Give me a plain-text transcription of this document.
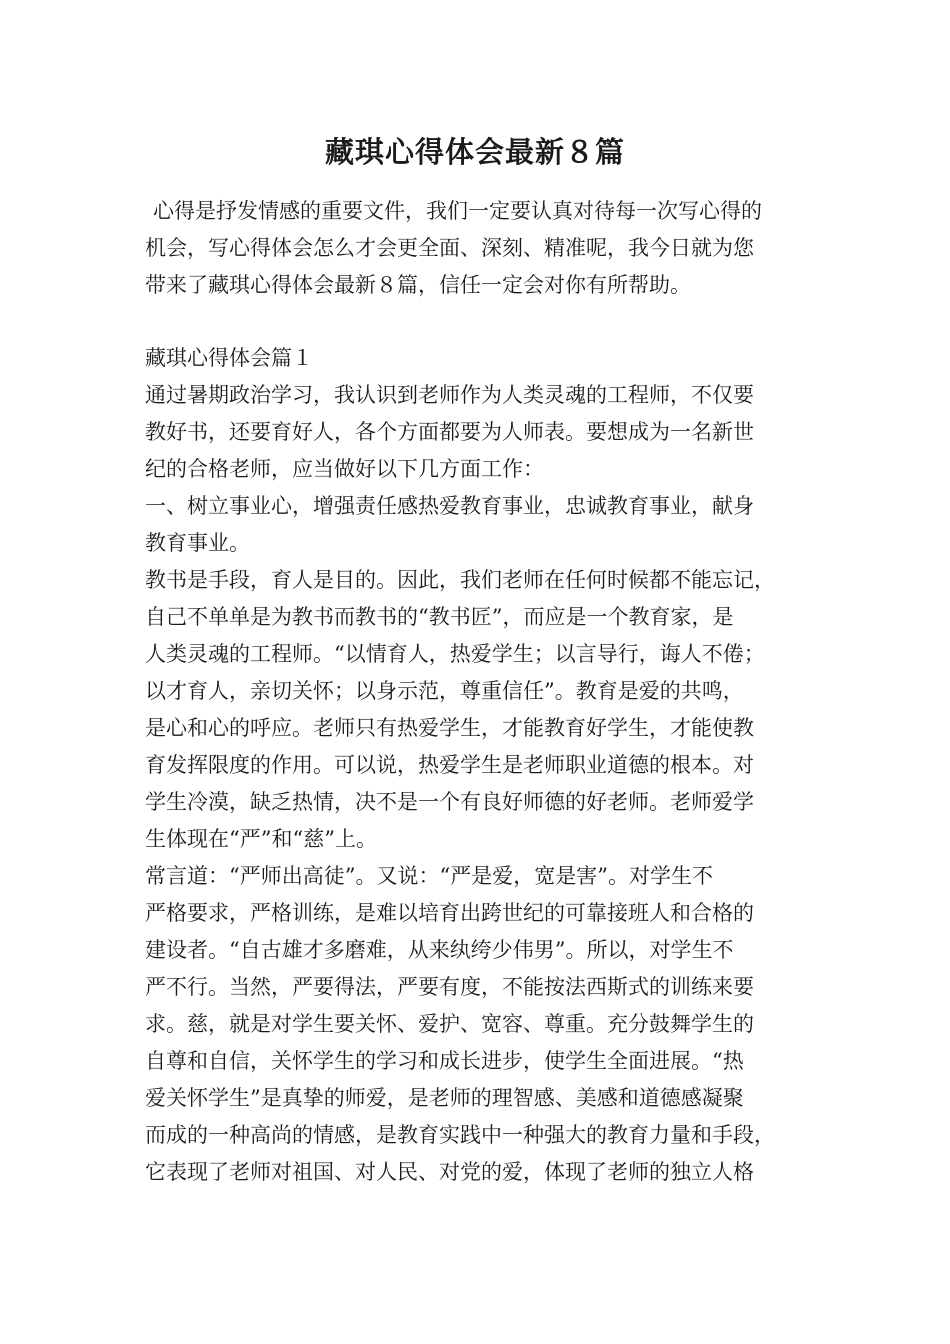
藏琪心得体会最新８篇
心得是抒发情感的重要文件，我们一定要认真对待每一次写心得的
机会，写心得体会怎么才会更全面、深刻、精准呢，我今日就为您
带来了藏琪心得体会最新８篇，信任一定会对你有所帮助。
藏琪心得体会篇１
通过暑期政治学习，我认识到老师作为人类灵魂的工程师，不仅要
教好书，还要育好人，各个方面都要为人师表。要想成为一名新世
纪的合格老师，应当做好以下几方面工作：
一、树立事业心，增强责任感热爱教育事业，忠诚教育事业，献身
教育事业。
教书是手段，育人是目的。因此，我们老师在任何时候都不能忘记，
自己不单单是为教书而教书的“教书匠”，而应是一个教育家，是
人类灵魂的工程师。“以情育人，热爱学生；以言导行，诲人不倦；
以才育人，亲切关怀；以身示范，尊重信任”。教育是爱的共鸣，
是心和心的呼应。老师只有热爱学生，才能教育好学生，才能使教
育发挥限度的作用。可以说，热爱学生是老师职业道德的根本。对
学生冷漠，缺乏热情，决不是一个有良好师德的好老师。老师爱学
生体现在“严”和“慈”上。
常言道：“严师出高徒”。又说：“严是爱，宽是害”。对学生不
严格要求，严格训练，是难以培育出跨世纪的可靠接班人和合格的
建设者。“自古雄才多磨难，从来纨绔少伟男”。所以，对学生不
严不行。当然，严要得法，严要有度，不能按法西斯式的训练来要
求。慈，就是对学生要关怀、爱护、宽容、尊重。充分鼓舞学生的
自尊和自信，关怀学生的学习和成长进步，使学生全面进展。“热
爱关怀学生”是真挚的师爱，是老师的理智感、美感和道德感凝聚
而成的一种高尚的情感，是教育实践中一种强大的教育力量和手段，
它表现了老师对祖国、对人民、对党的爱，体现了老师的独立人格
